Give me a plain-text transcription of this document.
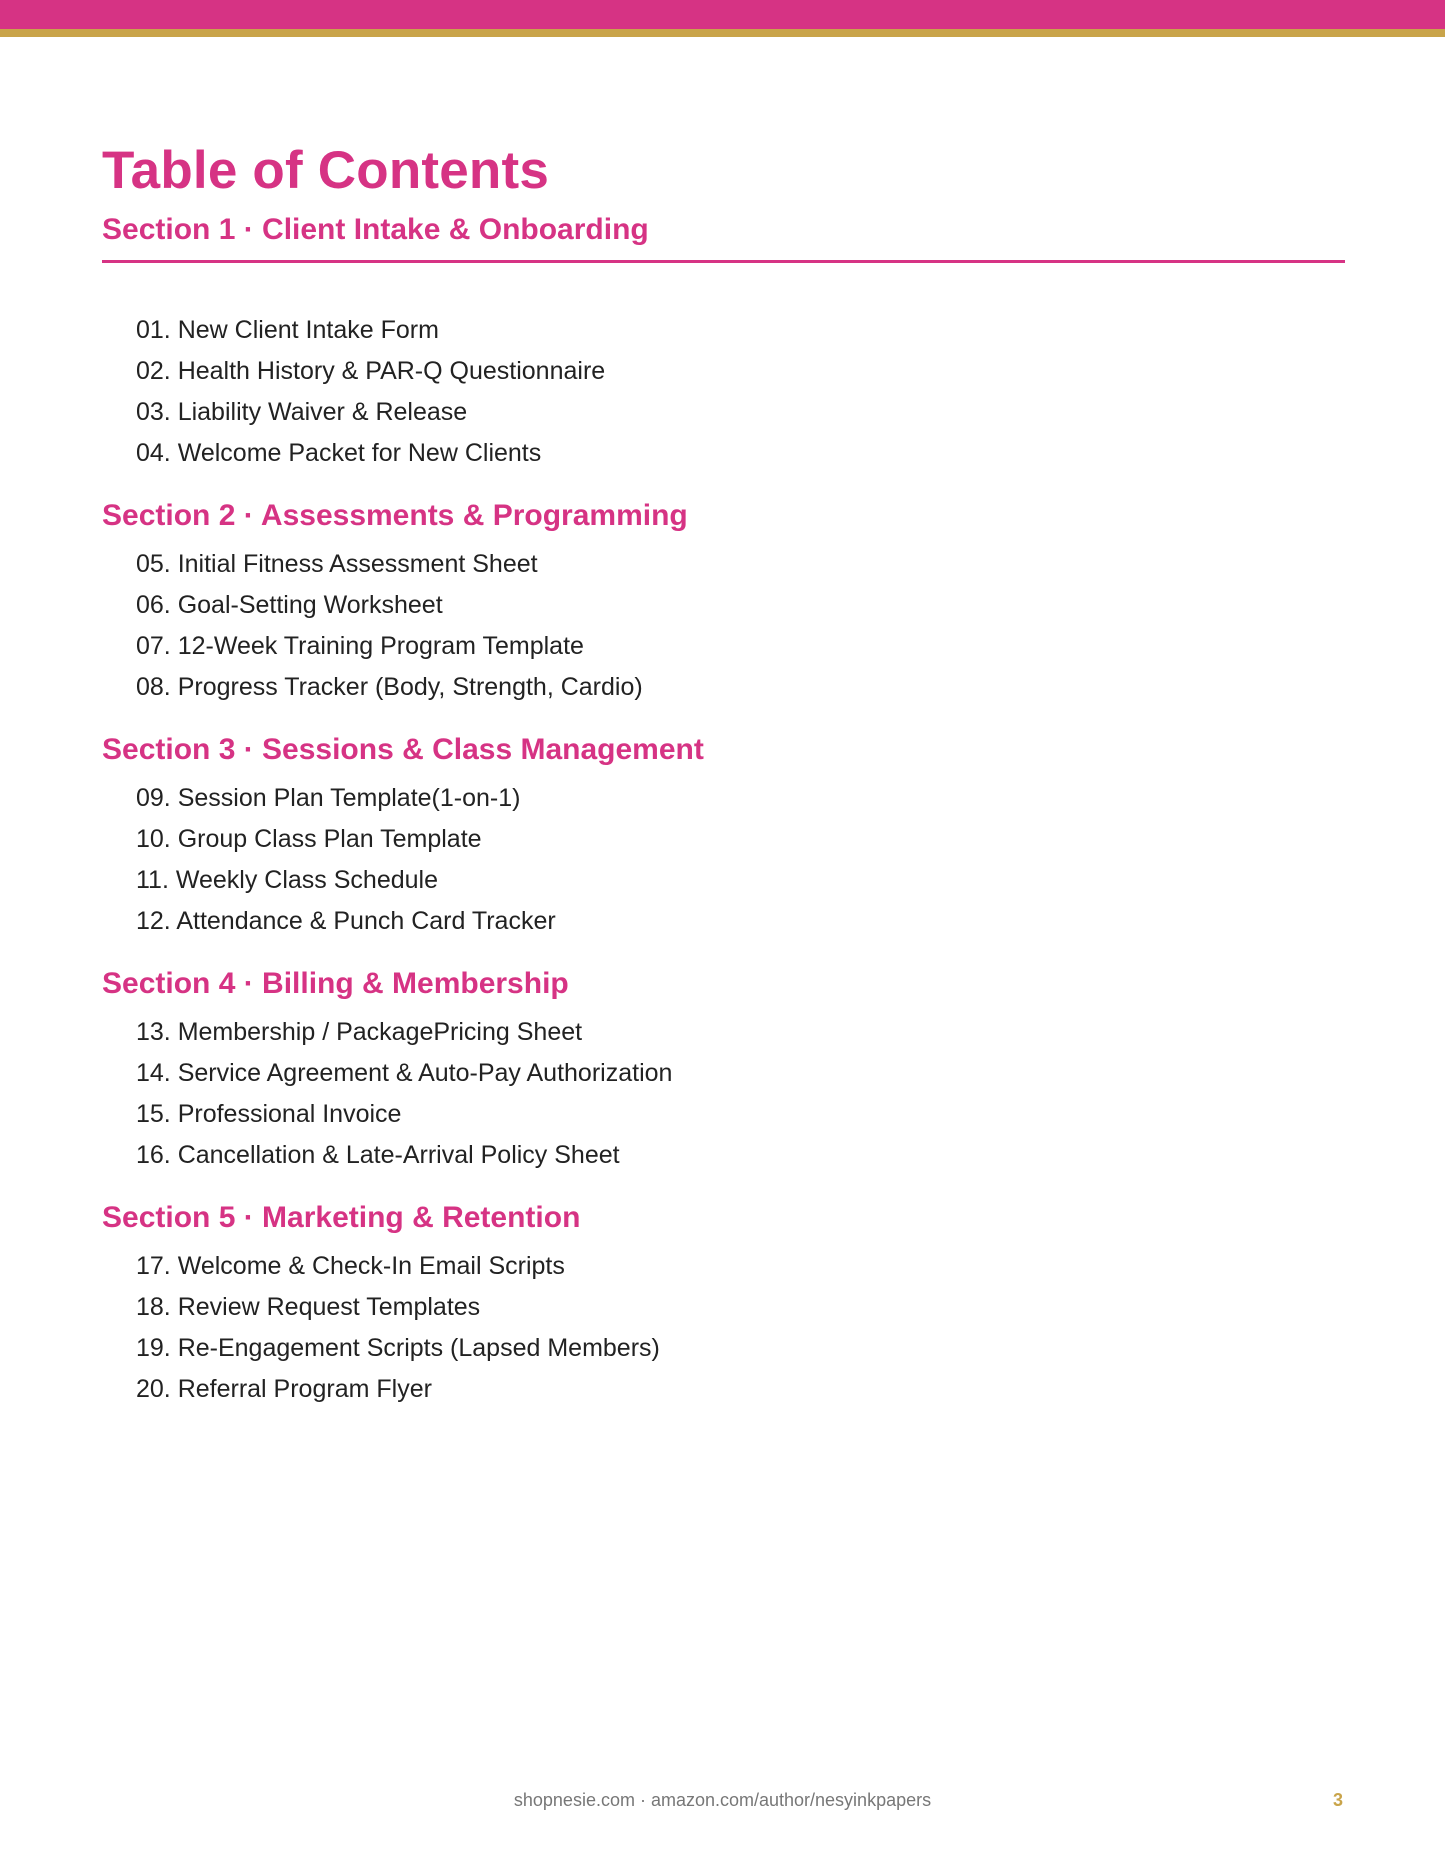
Table of Contents
Section 1 · Client Intake & Onboarding
01. New Client Intake Form
02. Health History & PAR-Q Questionnaire
03. Liability Waiver & Release
04. Welcome Packet for New Clients
Section 2 · Assessments & Programming
05. Initial Fitness Assessment Sheet
06. Goal-Setting Worksheet
07. 12-Week Training Program Template
08. Progress Tracker (Body, Strength, Cardio)
Section 3 · Sessions & Class Management
09. Session Plan Template(1-on-1)
10. Group Class Plan Template
11. Weekly Class Schedule
12. Attendance & Punch Card Tracker
Section 4 · Billing & Membership
13. Membership / PackagePricing Sheet
14. Service Agreement & Auto-Pay Authorization
15. Professional Invoice
16. Cancellation & Late-Arrival Policy Sheet
Section 5 · Marketing & Retention
17. Welcome & Check-In Email Scripts
18. Review Request Templates
19. Re-Engagement Scripts (Lapsed Members)
20. Referral Program Flyer
shopnesie.com · amazon.com/author/nesyinkpapers	3
